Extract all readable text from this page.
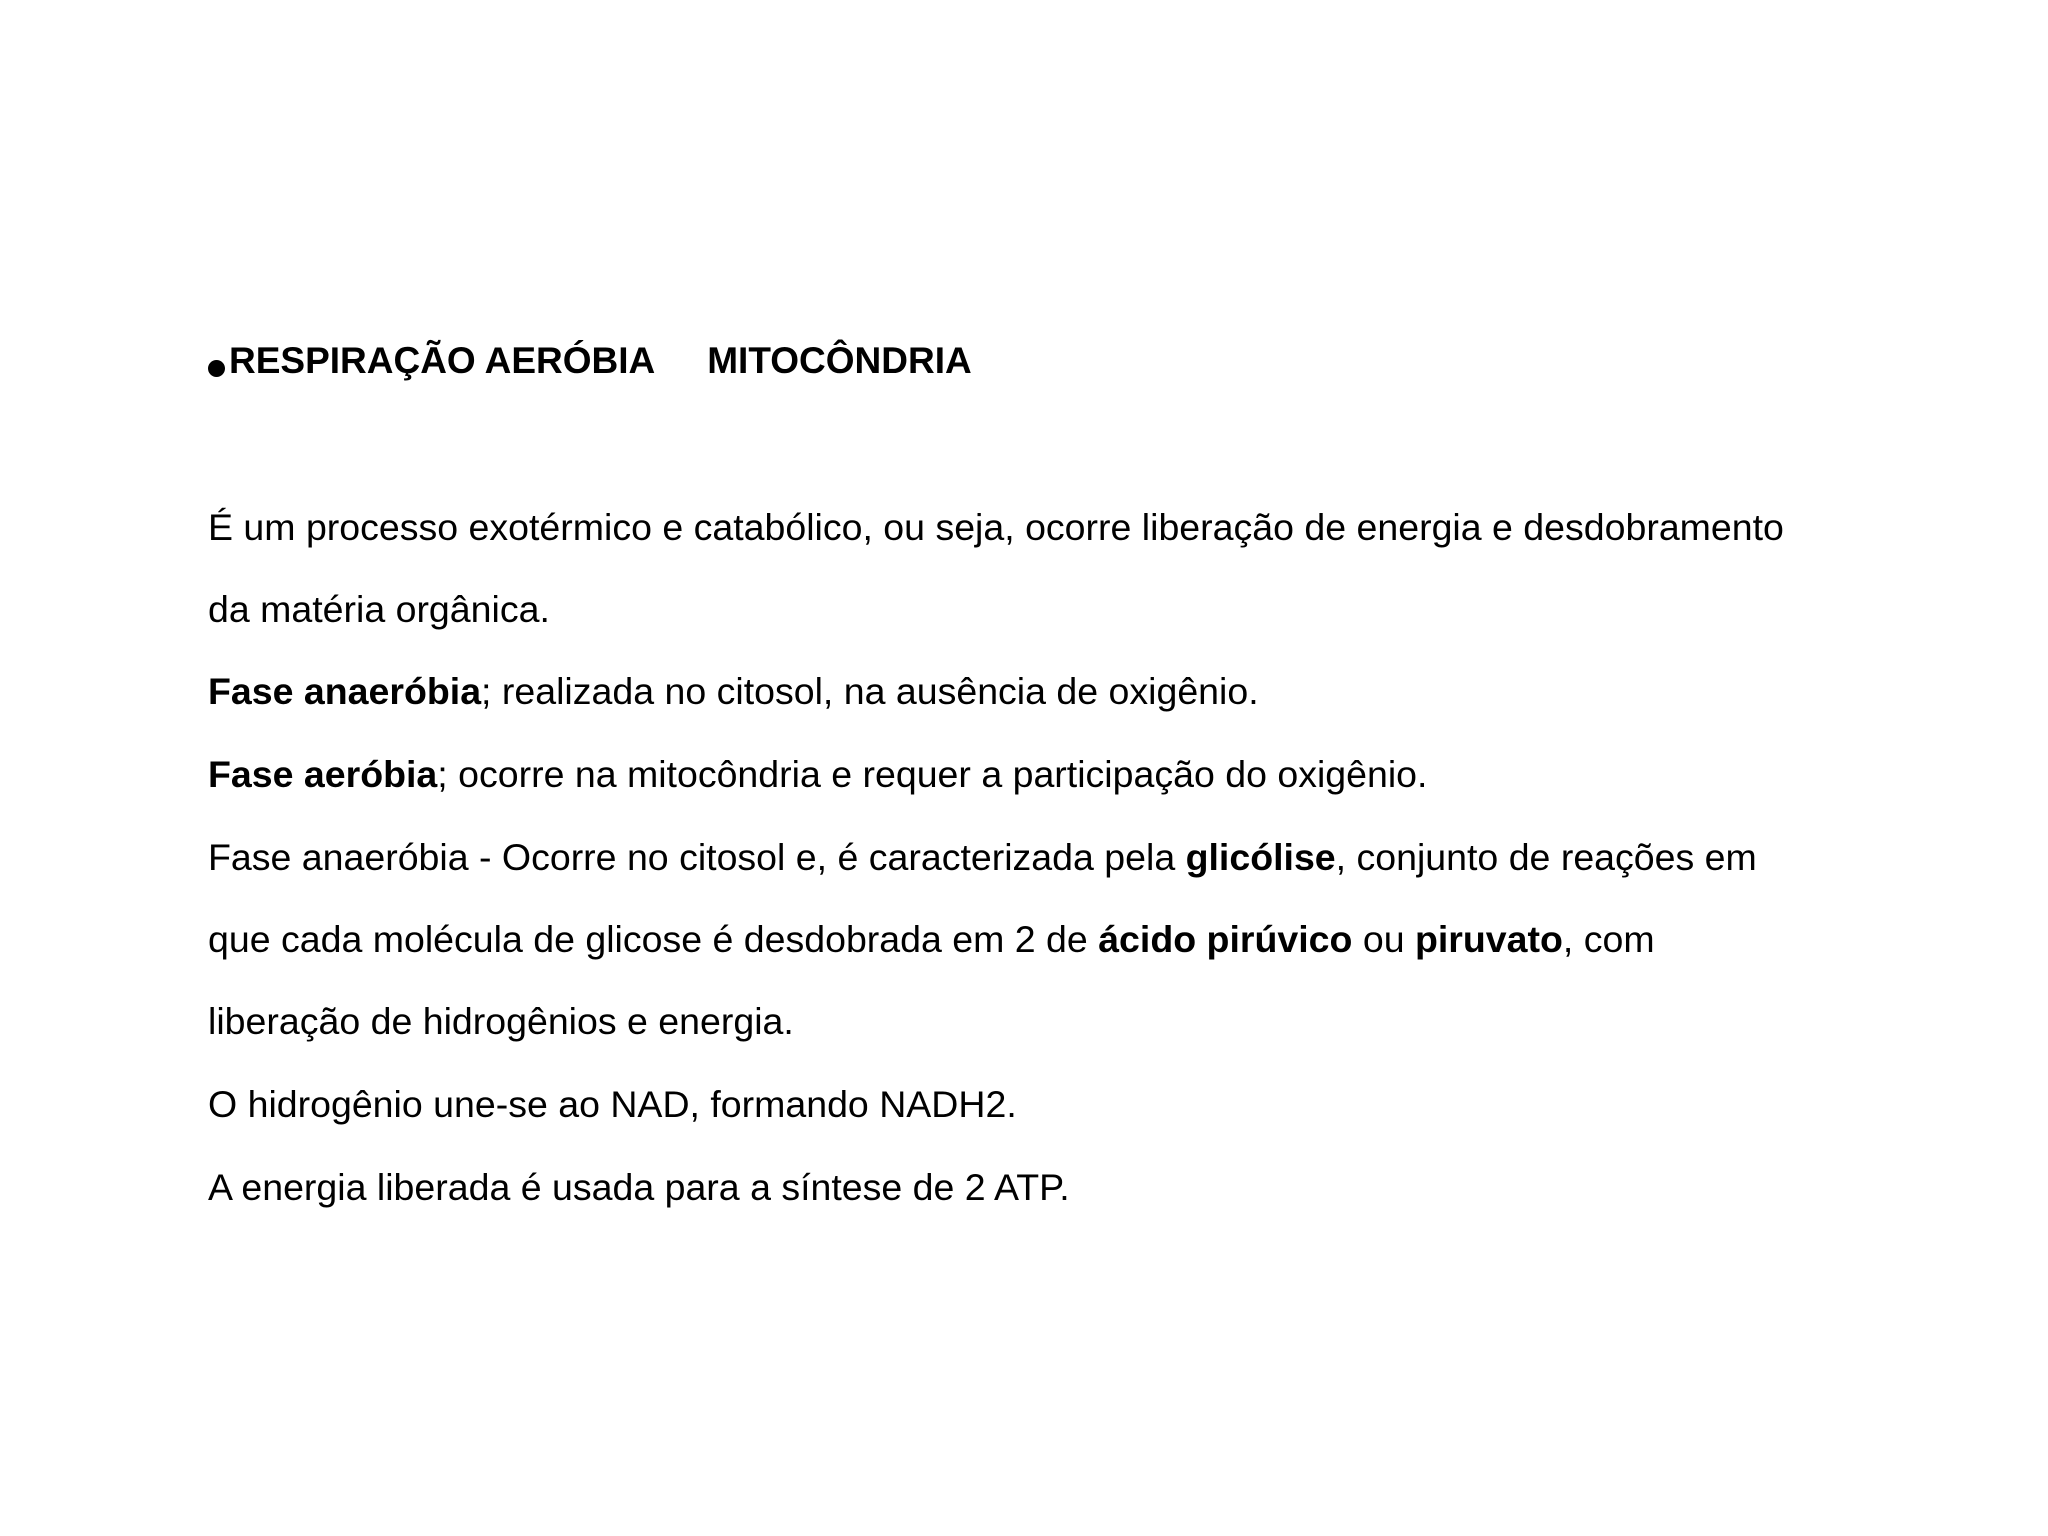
RESPIRAÇÃO AERÓBIA MITOCÔNDRIA
É um processo exotérmico e catabólico, ou seja, ocorre liberação de energia e desdobramento
da matéria orgânica.
Fase anaeróbia; realizada no citosol, na ausência de oxigênio.
Fase aeróbia; ocorre na mitocôndria e requer a participação do oxigênio.
Fase anaeróbia - Ocorre no citosol e, é caracterizada pela glicólise, conjunto de reações em
que cada molécula de glicose é desdobrada em 2 de ácido pirúvico ou piruvato, com
liberação de hidrogênios e energia.
O hidrogênio une-se ao NAD, formando NADH2.
A energia liberada é usada para a síntese de 2 ATP.
